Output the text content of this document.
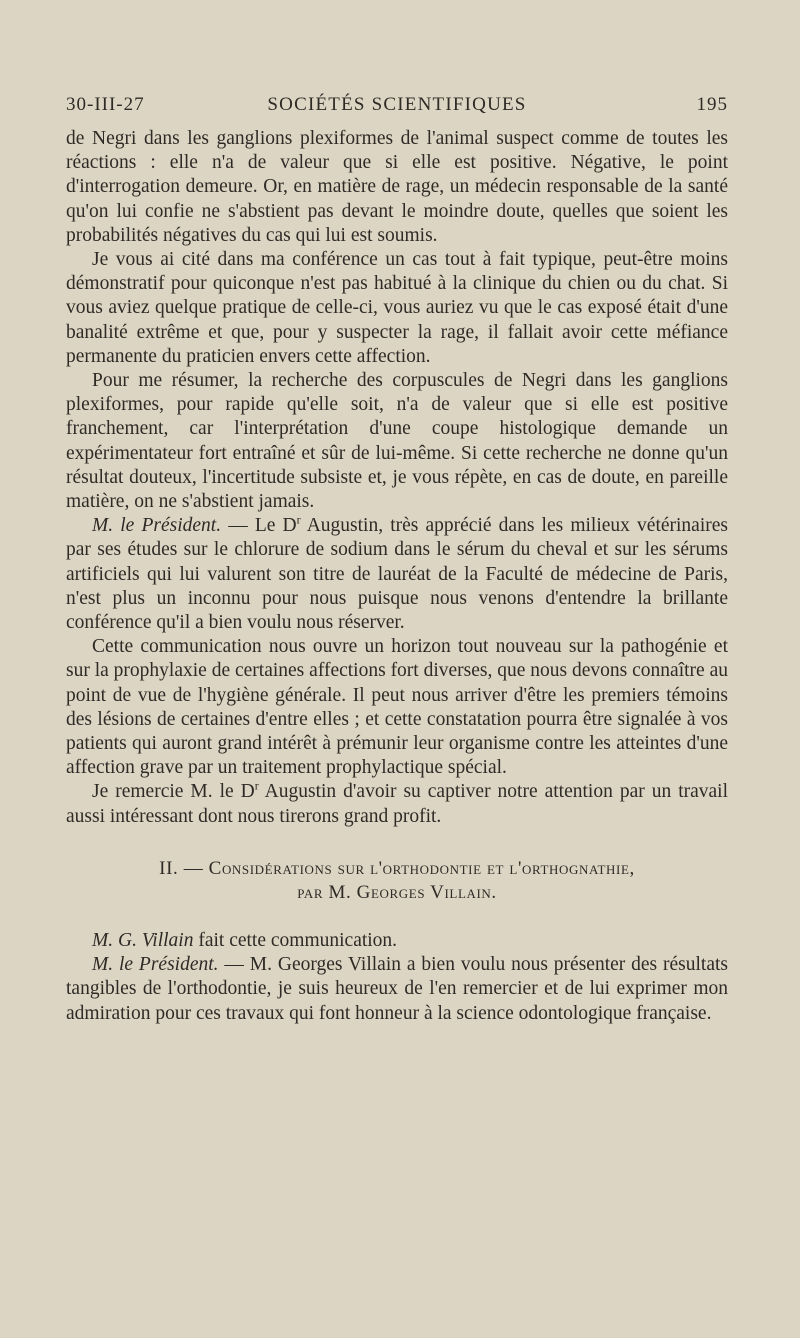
30-III-27	SOCIÉTÉS SCIENTIFIQUES	195

de Negri dans les ganglions plexiformes de l'animal suspect comme de toutes les réactions : elle n'a de valeur que si elle est positive. Négative, le point d'interrogation demeure. Or, en matière de rage, un médecin responsable de la santé qu'on lui confie ne s'abstient pas devant le moindre doute, quelles que soient les probabilités négatives du cas qui lui est soumis.

Je vous ai cité dans ma conférence un cas tout à fait typique, peut-être moins démonstratif pour quiconque n'est pas habitué à la clinique du chien ou du chat. Si vous aviez quelque pratique de celle-ci, vous auriez vu que le cas exposé était d'une banalité extrême et que, pour y suspecter la rage, il fallait avoir cette méfiance permanente du praticien envers cette affection.

Pour me résumer, la recherche des corpuscules de Negri dans les ganglions plexiformes, pour rapide qu'elle soit, n'a de valeur que si elle est positive franchement, car l'interprétation d'une coupe histologique demande un expérimentateur fort entraîné et sûr de lui-même. Si cette recherche ne donne qu'un résultat douteux, l'incertitude subsiste et, je vous répète, en cas de doute, en pareille matière, on ne s'abstient jamais.

M. le Président. — Le $D^r$ Augustin, très apprécié dans les milieux vétérinaires par ses études sur le chlorure de sodium dans le sérum du cheval et sur les sérums artificiels qui lui valurent son titre de lauréat de la Faculté de médecine de Paris, n'est plus un inconnu pour nous puisque nous venons d'entendre la brillante conférence qu'il a bien voulu nous réserver.

Cette communication nous ouvre un horizon tout nouveau sur la pathogénie et sur la prophylaxie de certaines affections fort diverses, que nous devons connaître au point de vue de l'hygiène générale. Il peut nous arriver d'être les premiers témoins des lésions de certaines d'entre elles ; et cette constatation pourra être signalée à vos patients qui auront grand intérêt à prémunir leur organisme contre les atteintes d'une affection grave par un traitement prophylactique spécial.

Je remercie M. le $D^r$ Augustin d'avoir su captiver notre attention par un travail aussi intéressant dont nous tirerons grand profit.

II. — Considérations sur l'orthodontie et l'orthognathie,
par M. Georges Villain.

M. G. Villain fait cette communication.

M. le Président. — M. Georges Villain a bien voulu nous présenter des résultats tangibles de l'orthodontie, je suis heureux de l'en remercier et de lui exprimer mon admiration pour ces travaux qui font honneur à la science odontologique française.
